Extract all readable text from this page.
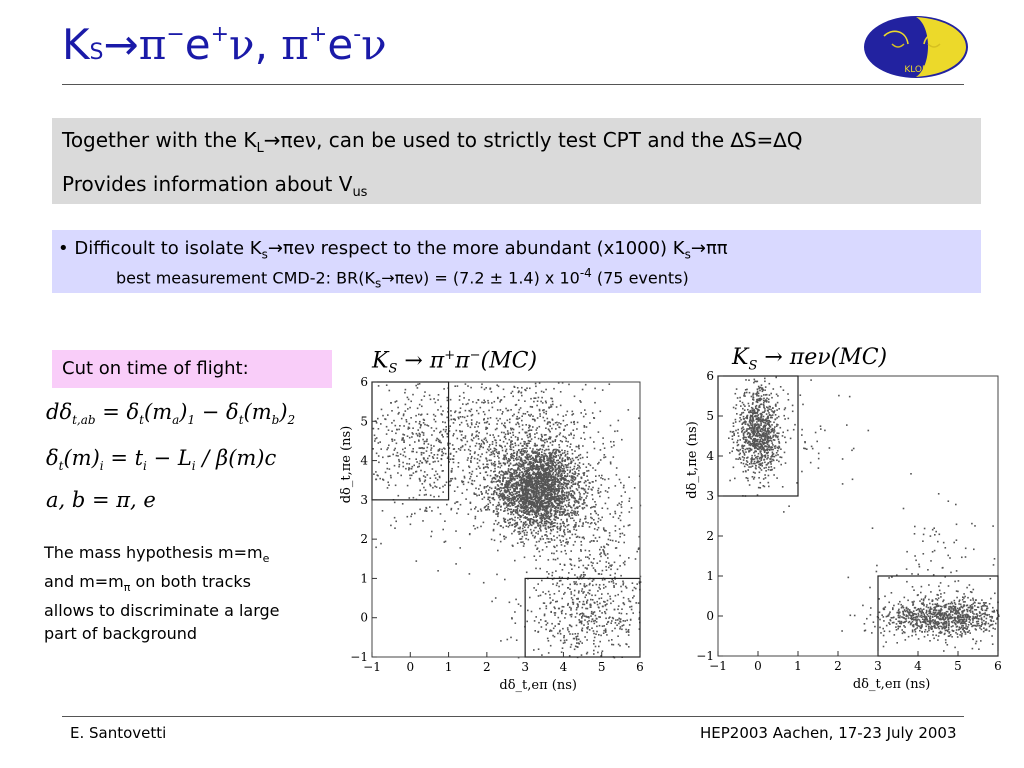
KS→π−e+ν, π+e-ν
KLOE
Together with the $K_L\to\pi e\nu$, can be used to strictly test CPT and the ∆S=∆Q
Provides information about $V_{us}$
• Difficoult to isolate $K_s\to\pi e\nu$ respect to the more abundant (x1000) $K_s\to\pi\pi$
best measurement CMD-2: $BR(K_s\to\pi e\nu) = (7.2 \pm 1.4)$ x $10^{-4}$ (75 events)
Cut on time of flight:
$d\delta_{t,ab} = \delta_t(m_a)_1 - \delta_t(m_b)_2$
$\delta_t(m)_i = t_i - L_i / \beta(m)c$
a, b = π, e
The mass hypothesis $m=m_e$
and $m=m_\pi$ on both tracks
allows to discriminate a large
part of background
$K_S \to \pi^+\pi^-(MC)$	$K_S \to \pi e\nu(MC)$
−1 0	1	2	3	4	5	6
−1
0
1
2
3
4
5
6
dδ_t,eπ (ns)
dδ_t,πe (ns)
−1 0	1	2	3	4	5	6
−1
0
1
2
3
4
5
6
dδ_t,eπ (ns)
dδ_t,πe (ns)
E. Santovetti	HEP2003 Aachen, 17-23 July 2003
